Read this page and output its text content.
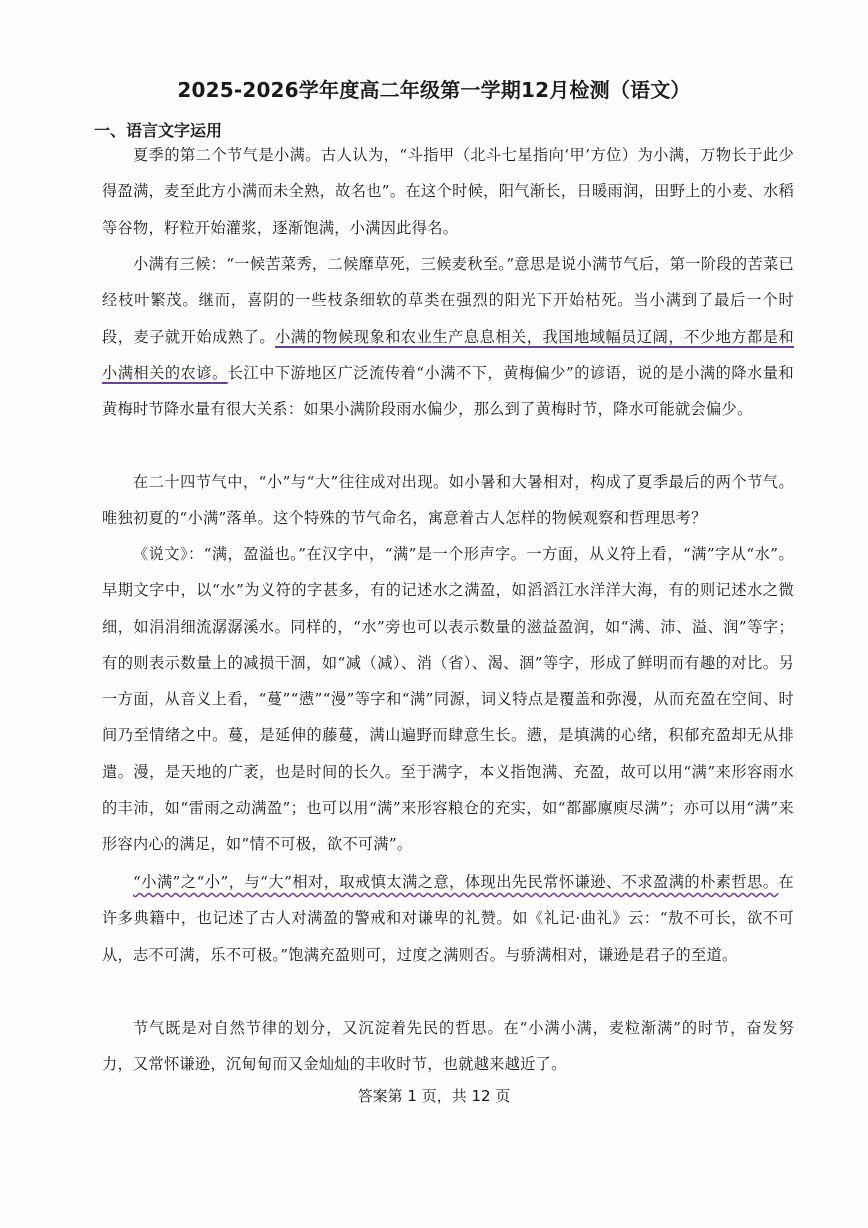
2025-2026学年度高二年级第一学期12月检测（语文）
一、语言文字运用

夏季的第二个节气是小满。古人认为，“斗指甲（北斗七星指向‘甲’方位）为小满，万物长于此少得盈满，麦至此方小满而未全熟，故名也”。在这个时候，阳气渐长，日暖雨润，田野上的小麦、水稻等谷物，籽粒开始灌浆，逐渐饱满，小满因此得名。

小满有三候：“一候苦菜秀，二候靡草死，三候麦秋至。”意思是说小满节气后，第一阶段的苦菜已经枝叶繁茂。继而，喜阴的一些枝条细软的草类在强烈的阳光下开始枯死。当小满到了最后一个时段，麦子就开始成熟了。小满的物候现象和农业生产息息相关，我国地域幅员辽阔，不少地方都是和小满相关的农谚。长江中下游地区广泛流传着“小满不下，黄梅偏少”的谚语，说的是小满的降水量和黄梅时节降水量有很大关系：如果小满阶段雨水偏少，那么到了黄梅时节，降水可能就会偏少。

在二十四节气中，“小”与“大”往往成对出现。如小暑和大暑相对，构成了夏季最后的两个节气。唯独初夏的“小满”落单。这个特殊的节气命名，寓意着古人怎样的物候观察和哲理思考？

《说文》：“满，盈溢也。”在汉字中，“满”是一个形声字。一方面，从义符上看，“满”字从“水”。早期文字中，以“水”为义符的字甚多，有的记述水之满盈，如滔滔江水洋洋大海，有的则记述水之微细，如涓涓细流潺潺溪水。同样的，“水”旁也可以表示数量的滋益盈润，如“满、沛、溢、润”等字；有的则表示数量上的减损干涸，如“减（减）、消（省）、渴、涸”等字，形成了鲜明而有趣的对比。另一方面，从音义上看，“蔓”“懑”“漫”等字和“满”同源，词义特点是覆盖和弥漫，从而充盈在空间、时间乃至情绪之中。蔓，是延伸的藤蔓，满山遍野而肆意生长。懑，是填满的心绪，积郁充盈却无从排遣。漫，是天地的广袤，也是时间的长久。至于满字，本义指饱满、充盈，故可以用“满”来形容雨水的丰沛，如“雷雨之动满盈”；也可以用“满”来形容粮仓的充实，如“都鄙廪庾尽满”；亦可以用“满”来形容内心的满足，如“情不可极，欲不可满”。

“小满”之“小”，与“大”相对，取戒慎太满之意，体现出先民常怀谦逊、不求盈满的朴素哲思。在许多典籍中，也记述了古人对满盈的警戒和对谦卑的礼赞。如《礼记·曲礼》云：“敖不可长，欲不可从，志不可满，乐不可极。”饱满充盈则可，过度之满则否。与骄满相对，谦逊是君子的至道。

节气既是对自然节律的划分，又沉淀着先民的哲思。在“小满小满，麦粒渐满”的时节，奋发努力，又常怀谦逊，沉甸甸而又金灿灿的丰收时节，也就越来越近了。

答案第 1 页，共 12 页
